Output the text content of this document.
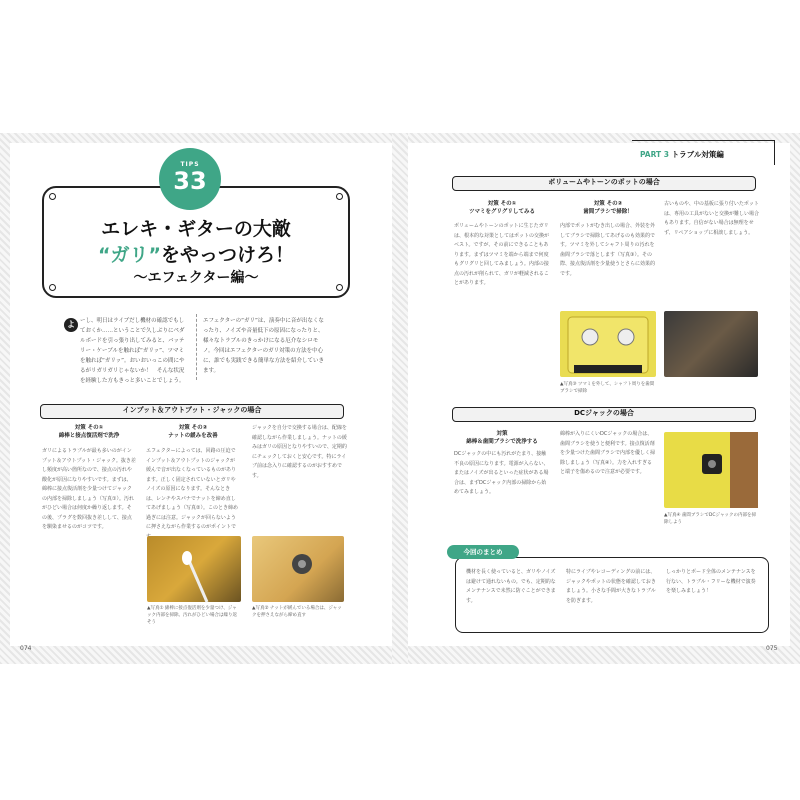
エレキ・ギターの大敵
“ガリ”をやっつけろ！
〜エフェクター編〜
TIPS
33
よ ーし、明日はライブだし機材の確認でもしておくか……ということで久しぶりにペダルボードを引っ張り出してみると、バッテリー・ケーブルを触れば“ガリッ”、ツマミを触れば“ガリッ”。おいおいっこの間にやるがリガリガリじゃないか！　そんな状況を経験した方もきっと多いことでしょう。
エフェクターの“ガリ”は、演奏中に音が出なくなったり、ノイズや音量低下の原因になったりと、様々なトラブルのきっかけになる厄介なシロモノ。今回はエフェクターのガリ対策の方法を中心に、誰でも実践できる簡単な方法を紹介していきます。
インプット＆アウトプット・ジャックの場合
対策 その①
綿棒と接点復活剤で洗浄
対策 その②
ナットの緩みを改善
ガリによるトラブルが最も多いのがインプット＆アウトプット・ジャック。抜き差し頻度が高い箇所なので、接点の汚れや酸化が原因になりやすいです。まずは、綿棒に接点復活剤を少量つけてジャックの内部を掃除しましょう（写真①）。汚れがひどい場合は何度か繰り返します。その後、プラグを数回抜き差しして、接点を馴染ませるのがコツです。
エフェクターによっては、回路の圧迫でインプット＆アウトプットのジャックが緩んで音が出なくなっているものがあります。正しく固定されていないとガリやノイズの原因になります。そんなときは、レンチやスパナでナットを締め直してあげましょう（写真②）。このとき締め過ぎには注意。ジャックが回らないように押さえながら作業するのがポイントで
ジャックを自分で交換する場合は、配線を確認しながら作業しましょう。ナットの緩みはガリの原因となりやすいので、定期的にチェックしておくと安心です。特にライブ前は念入りに確認するのがおすすめです。
▲写真① 綿棒に接点復活剤を少量つけ、ジャック内部を掃除。汚れがひどい場合は繰り返そう
▲写真② ナットが緩んでいる場合は、ジャックを押さえながら締め直す
074
PART 3 トラブル対策編
ボリュームやトーンのポットの場合
対策 その①
ツマミをグリグリしてみる
対策 その②
歯間ブラシで掃除！
ボリュームやトーンのポットに生じたガリは、根本的な対策としてはポットの交換がベスト。ですが、その前にできることもあります。まずはツマミを端から端まで何度もグリグリと回してみましょう。内部の接点の汚れが削られて、ガリが軽減されることがあります。
内部でポットがむき出しの場合、外装を外してブラシで掃除してあげるのも効果的です。ツマミを外してシャフト周りの汚れを歯間ブラシで落とします（写真③）。その際、接点復活剤を少量使うとさらに効果的です。
古いものや、中の基板に張り付いたポットは、専用の工具がないと交換が難しい場合もあります。自信がない場合は無理をせず、リペアショップに相談しましょう。
▲写真③ ツマミを外して、シャフト周りを歯間ブラシで掃除
DCジャックの場合
対策
綿棒＆歯間ブラシで洗浄する
DCジャックの中にも汚れがたまり、接触不良の原因になります。電源が入らない、またはノイズが出るといった症状がある場合は、まずDCジャック内部の掃除から始めてみましょう。
綿棒が入りにくいDCジャックの場合は、歯間ブラシを使うと便利です。接点復活剤を少量つけた歯間ブラシで内部を優しく掃除しましょう（写真④）。力を入れすぎると端子を傷めるので注意が必要です。
▲写真④ 歯間ブラシでDCジャックの内部を掃除しよう
機材を長く使っていると、ガリやノイズは避けて通れないもの。でも、定期的なメンテナンスで未然に防ぐことができます。
特にライブやレコーディングの前には、ジャックやポットの状態を確認しておきましょう。小さな手間が大きなトラブルを防ぎます。
しっかりとボード全体のメンテナンスを行ない、トラブル・フリーな機材で演奏を楽しみましょう！
今回のまとめ
075
